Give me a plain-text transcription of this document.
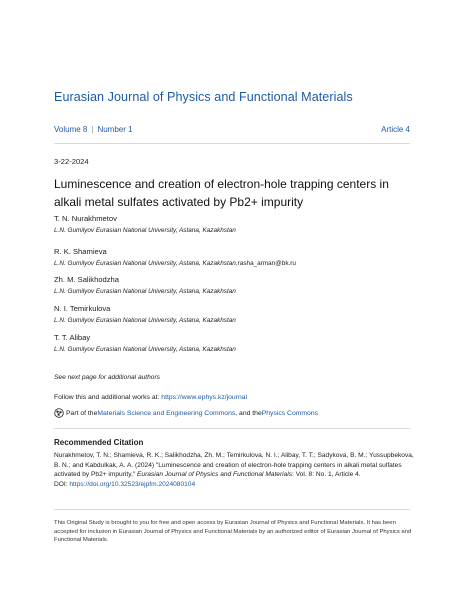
Eurasian Journal of Physics and Functional Materials
Volume 8 | Number 1	Article 4
3-22-2024
Luminescence and creation of electron-hole trapping centers in alkali metal sulfates activated by Pb2+ impurity
T. N. Nurakhmetov
L.N. Gumilyov Eurasian National University, Astana, Kazakhstan
R. K. Shamieva
L.N. Gumilyov Eurasian National University, Astana, Kazakhstan,rasha_arman@bk.ru
Zh. M. Salikhodzha
L.N. Gumilyov Eurasian National University, Astana, Kazakhstan
N. I. Temirkulova
L.N. Gumilyov Eurasian National University, Astana, Kazakhstan
T. T. Alibay
L.N. Gumilyov Eurasian National University, Astana, Kazakhstan
See next page for additional authors
Follow this and additional works at: https://www.ephys.kz/journal
Part of the Materials Science and Engineering Commons , and the Physics Commons
Recommended Citation
Nurakhmetov, T. N.; Shamieva, R. K.; Salikhodzha, Zh. M.; Temirkulova, N. I.; Alibay, T. T.; Sadykova, B. M.; Yussupbekova, B. N.; and Kabdulkak, A. A. (2024) "Luminescence and creation of electron-hole trapping centers in alkali metal sulfates activated by Pb2+ impurity," Eurasian Journal of Physics and Functional Materials: Vol. 8: No. 1, Article 4.
DOI: https://doi.org/10.32523/ejpfm.2024080104
This Original Study is brought to you for free and open access by Eurasian Journal of Physics and Functional Materials. It has been accepted for inclusion in Eurasian Journal of Physics and Functional Materials by an authorized editor of Eurasian Journal of Physics and Functional Materials.
